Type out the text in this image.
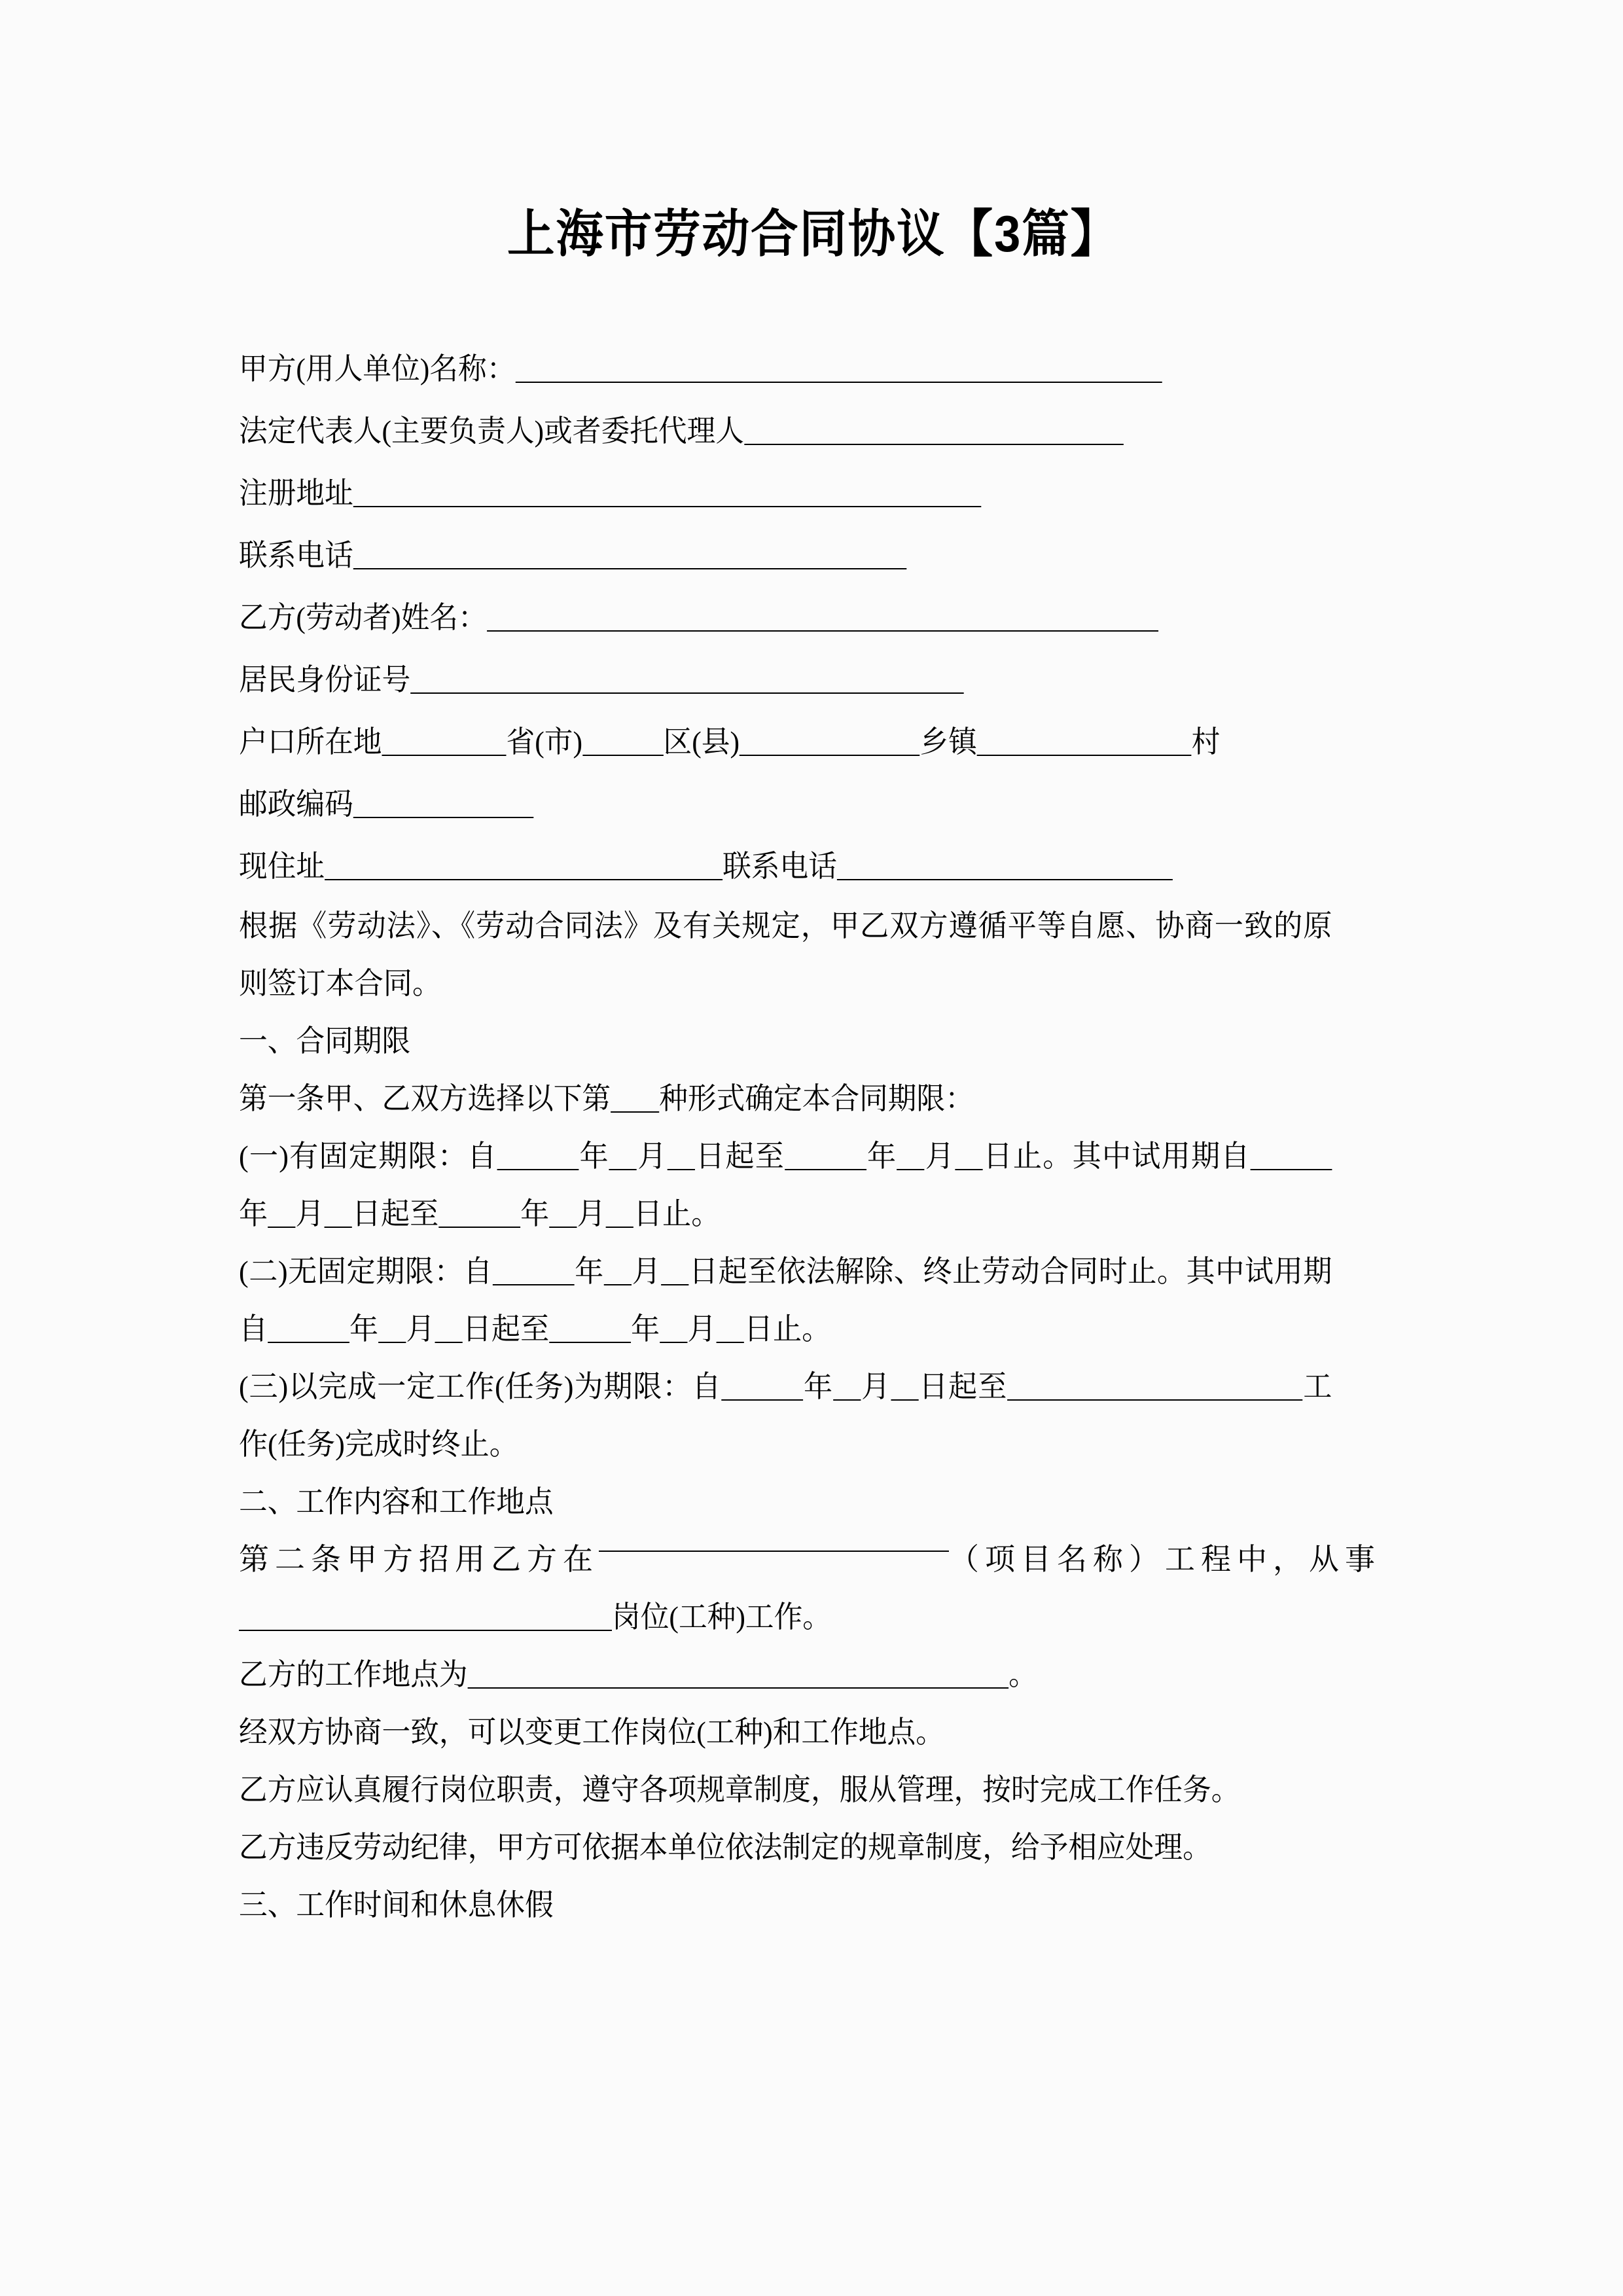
上海市劳动合同协议【3篇】
甲方(用人单位)名称：
法定代表人(主要负责人)或者委托代理人
注册地址
联系电话
乙方(劳动者)姓名：
居民身份证号
户口所在地	省(市)	区(县)	乡镇	村
邮政编码
现住址	联系电话
根据《劳动法》、《劳动合同法》及有关规定，甲乙双方遵循平等自愿、协商一致的原则签订本合同。
一、合同期限
第一条甲、乙双方选择以下第 种形式确定本合同期限：
(一)有固定期限：自	年 月 日起至	年 月 日止。其中试用期自年 月 日起至	年 月 日止。
(二)无固定期限：自	年 月 日起至依法解除、终止劳动合同时止。其中试用期自	年 月 日起至	年 月 日止。
(三)以完成一定工作(任务)为期限：自	年 月 日起至	工作(任务)完成时终止。
二、工作内容和工作地点
第二条甲方招用乙方在	（项目名称）工程中， 从事
岗位(工种)工作。
乙方的工作地点为	。
经双方协商一致，可以变更工作岗位(工种)和工作地点。
乙方应认真履行岗位职责，遵守各项规章制度，服从管理，按时完成工作任务。
乙方违反劳动纪律，甲方可依据本单位依法制定的规章制度，给予相应处理。
三、工作时间和休息休假
